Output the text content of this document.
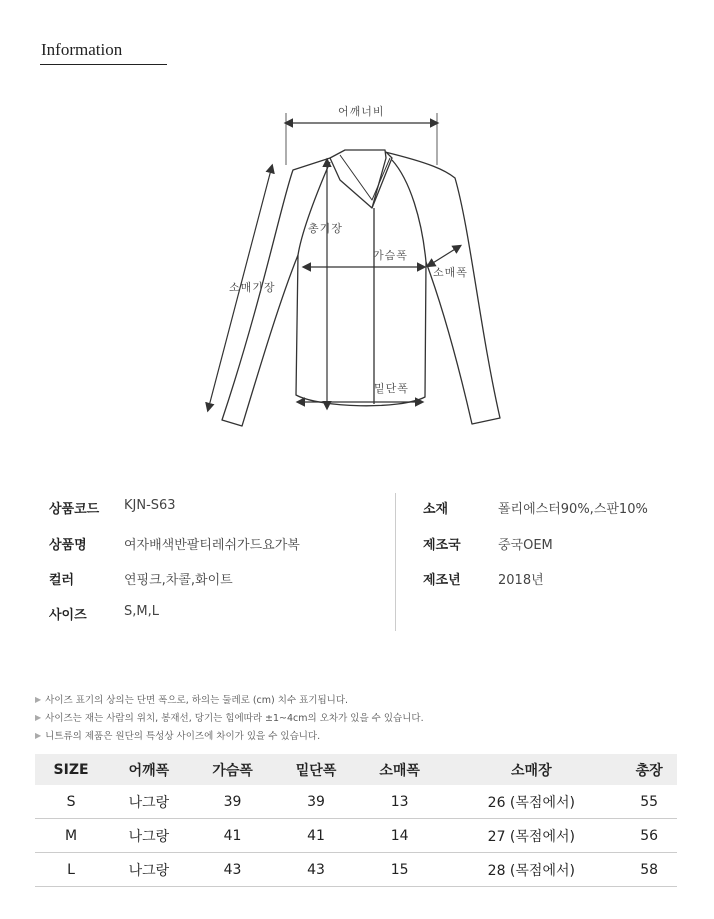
Information
어깨너비
총기장
가슴폭
소매폭
소매기장
밑단폭
상품코드	KJN-S63
상품명	여자배색반팔티레쉬가드요가복
컬러	연핑크,차콜,화이트
사이즈	S,M,L
소재	폴리에스터90%,스판10%
제조국	중국OEM
제조년	2018년
▶ 사이즈 표기의 상의는 단면 폭으로, 하의는 둘레로 (cm) 치수 표기됩니다.
▶ 사이즈는 재는 사람의 위치, 봉재선, 당기는 힘에따라 ±1~4cm의 오차가 있을 수 있습니다.
▶ 니트류의 제품은 원단의 특성상 사이즈에 차이가 있을 수 있습니다.
SIZE	어깨폭	가슴폭	밑단폭	소매폭	소매장	총장
S	나그랑	39	39	13	26 (목점에서)	55
M	나그랑	41	41	14	27 (목점에서)	56
L	나그랑	43	43	15	28 (목점에서)	58
